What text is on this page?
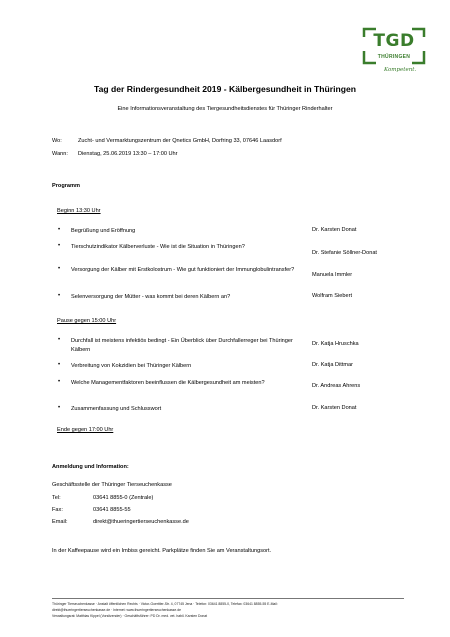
TGD
THÜRINGEN
Kompetent.
Tag der Rindergesundheit 2019 - Kälbergesundheit in Thüringen
Eine Informationsveranstaltung des Tiergesundheitsdienstes für Thüringer Rinderhalter
Wo:	Zucht- und Vermarktungszentrum der Qnetics GmbH, Dorfring 33, 07646 Laasdorf
Wann: Dienstag, 25.06.2019 13:30 – 17:00 Uhr
Programm
Beginn 13:30 Uhr
• Begrüßung und Eröffnung	Dr. Karsten Donat
• Tierschutzindikator Kälberverluste - Wie ist die Situation in Thüringen?
Dr. Stefanie Söllner-Donat
• Versorgung der Kälber mit Erstkolostrum - Wie gut funktioniert der Immunglobulintransfer?
Manuela Immler
• Selenversorgung der Mütter - was kommt bei deren Kälbern an?	Wolfram Siebert
Pause gegen 15:00 Uhr
• Durchfall ist meistens infektiös bedingt - Ein Überblick über Durchfallerreger bei Thüringer Kälbern
Dr. Katja Hruschka
• Verbreitung von Kokzidien bei Thüringer Kälbern	Dr. Katja Dittmar
• Welche Managementfaktoren beeinflussen die Kälbergesundheit am meisten?	Dr. Andreas Ahrens
• Zusammenfassung und Schlusswort	Dr. Karsten Donat
Ende gegen 17:00 Uhr
Anmeldung und Information:
Geschäftsstelle der Thüringer Tierseuchenkasse
Tel:	03641 8855-0 (Zentrale)
Fax:	03641 8855-55
Email:	direkt@thueringertierseuchenkasse.de
In der Kaffeepause wird ein Imbiss gereicht. Parkplätze finden Sie am Veranstaltungsort.
Thüringer Tierseuchenkasse · Anstalt öffentlichen Rechts · Victor-Goerttler-Str. 4, 07745 Jena · Telefon: 03641 8855-0, Telefax: 03641 8855-55 E-Mail:
direkt@thueringertierseuchenkasse.de · Internet: www.thueringertierseuchenkasse.de
Verwaltungsrat: Matthias Kippel (Vorsitzender) · Geschäftsführer: PD Dr. med. vet. habil. Karsten Donat
